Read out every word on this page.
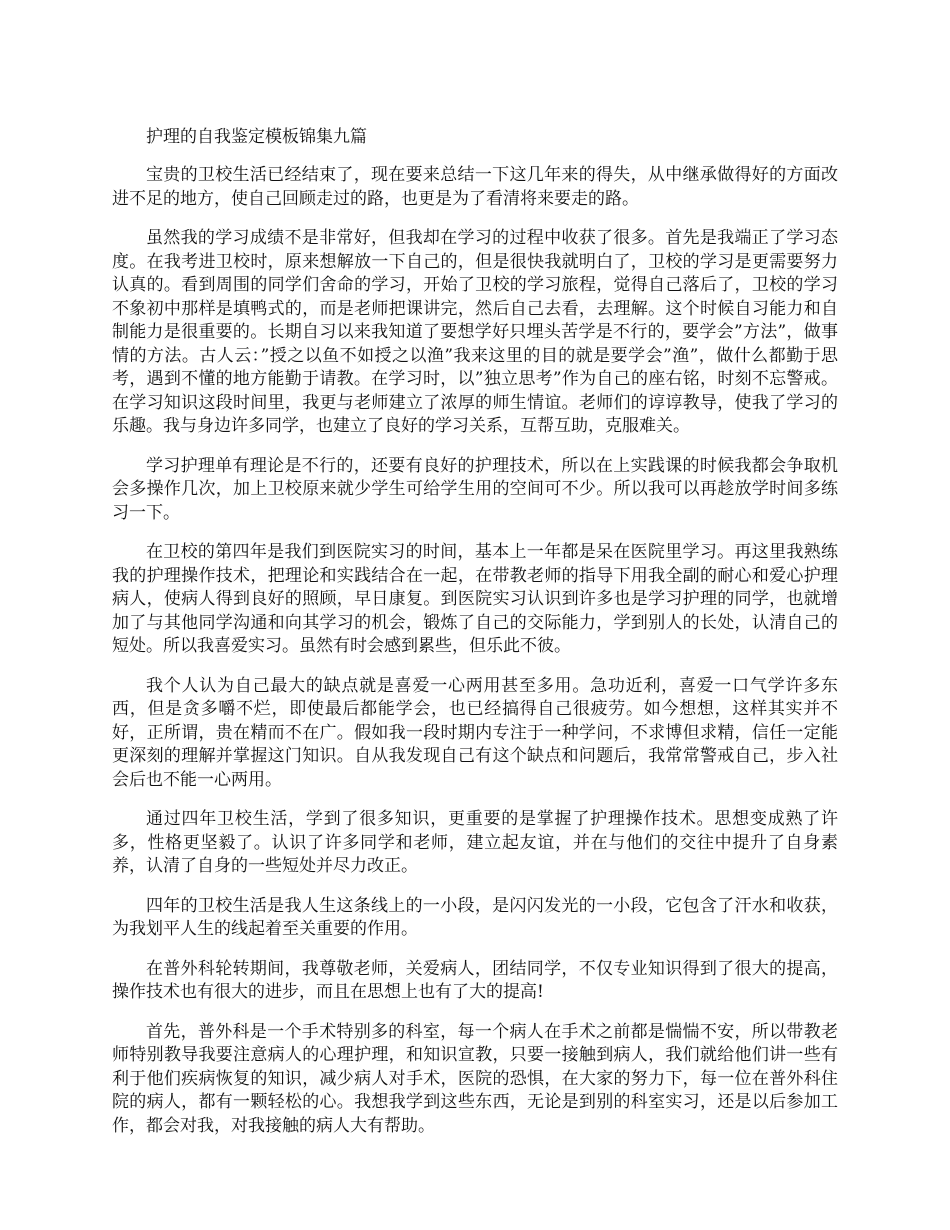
护理的自我鉴定模板锦集九篇

宝贵的卫校生活已经结束了，现在要来总结一下这几年来的得失，从中继承做得好的方面改进不足的地方，使自己回顾走过的路，也更是为了看清将来要走的路。

虽然我的学习成绩不是非常好，但我却在学习的过程中收获了很多。首先是我端正了学习态度。在我考进卫校时，原来想解放一下自己的，但是很快我就明白了，卫校的学习是更需要努力认真的。看到周围的同学们舍命的学习，开始了卫校的学习旅程，觉得自己落后了，卫校的学习不象初中那样是填鸭式的，而是老师把课讲完，然后自己去看，去理解。这个时候自习能力和自制能力是很重要的。长期自习以来我知道了要想学好只埋头苦学是不行的，要学会”方法”，做事情的方法。古人云：”授之以鱼不如授之以渔”我来这里的目的就是要学会”渔”，做什么都勤于思考，遇到不懂的地方能勤于请教。在学习时，以”独立思考”作为自己的座右铭，时刻不忘警戒。在学习知识这段时间里，我更与老师建立了浓厚的师生情谊。老师们的谆谆教导，使我了学习的乐趣。我与身边许多同学，也建立了良好的学习关系，互帮互助，克服难关。

学习护理单有理论是不行的，还要有良好的护理技术，所以在上实践课的时候我都会争取机会多操作几次，加上卫校原来就少学生可给学生用的空间可不少。所以我可以再趁放学时间多练习一下。

在卫校的第四年是我们到医院实习的时间，基本上一年都是呆在医院里学习。再这里我熟练我的护理操作技术，把理论和实践结合在一起，在带教老师的指导下用我全副的耐心和爱心护理病人，使病人得到良好的照顾，早日康复。到医院实习认识到许多也是学习护理的同学，也就增加了与其他同学沟通和向其学习的机会，锻炼了自己的交际能力，学到别人的长处，认清自己的短处。所以我喜爱实习。虽然有时会感到累些，但乐此不彼。

我个人认为自己最大的缺点就是喜爱一心两用甚至多用。急功近利，喜爱一口气学许多东西，但是贪多嚼不烂，即使最后都能学会，也已经搞得自己很疲劳。如今想想，这样其实并不好，正所谓，贵在精而不在广。假如我一段时期内专注于一种学问，不求博但求精，信任一定能更深刻的理解并掌握这门知识。自从我发现自己有这个缺点和问题后，我常常警戒自己，步入社会后也不能一心两用。

通过四年卫校生活，学到了很多知识，更重要的是掌握了护理操作技术。思想变成熟了许多，性格更坚毅了。认识了许多同学和老师，建立起友谊，并在与他们的交往中提升了自身素养，认清了自身的一些短处并尽力改正。

四年的卫校生活是我人生这条线上的一小段，是闪闪发光的一小段，它包含了汗水和收获，为我划平人生的线起着至关重要的作用。

在普外科轮转期间，我尊敬老师，关爱病人，团结同学，不仅专业知识得到了很大的提高，操作技术也有很大的进步，而且在思想上也有了大的提高!

首先，普外科是一个手术特别多的科室，每一个病人在手术之前都是惴惴不安，所以带教老师特别教导我要注意病人的心理护理，和知识宣教，只要一接触到病人，我们就给他们讲一些有利于他们疾病恢复的知识，减少病人对手术，医院的恐惧，在大家的努力下，每一位在普外科住院的病人，都有一颗轻松的心。我想我学到这些东西，无论是到别的科室实习，还是以后参加工作，都会对我，对我接触的病人大有帮助。
